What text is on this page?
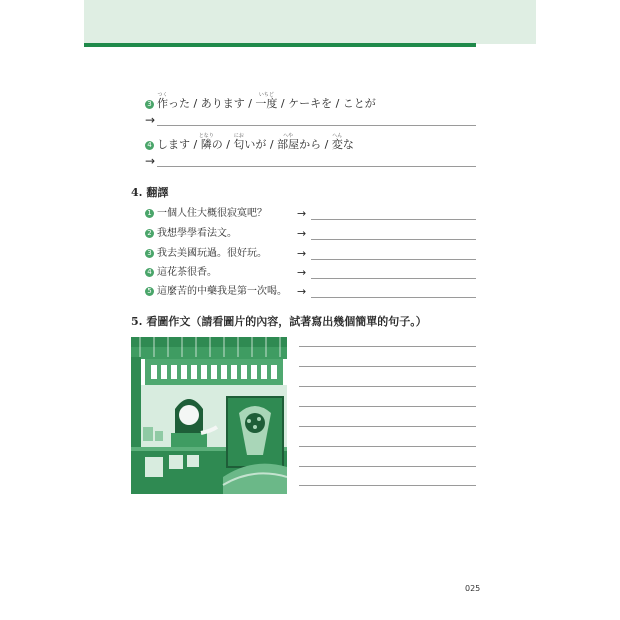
3 作つくった / あります / 一度いちど / ケーキを / ことが
→
4 します / 隣となりの / 匂においが / 部屋へやから / 変へんな
→
4. 翻譯
1 一個人住大概很寂寞吧？	→
2 我想學學看法文。	→
3 我去美國玩過。很好玩。	→
4 這花茶很香。	→
5 這麼苦的中藥我是第一次喝。 →
5. 看圖作文（請看圖片的內容，試著寫出幾個簡單的句子。）
025
